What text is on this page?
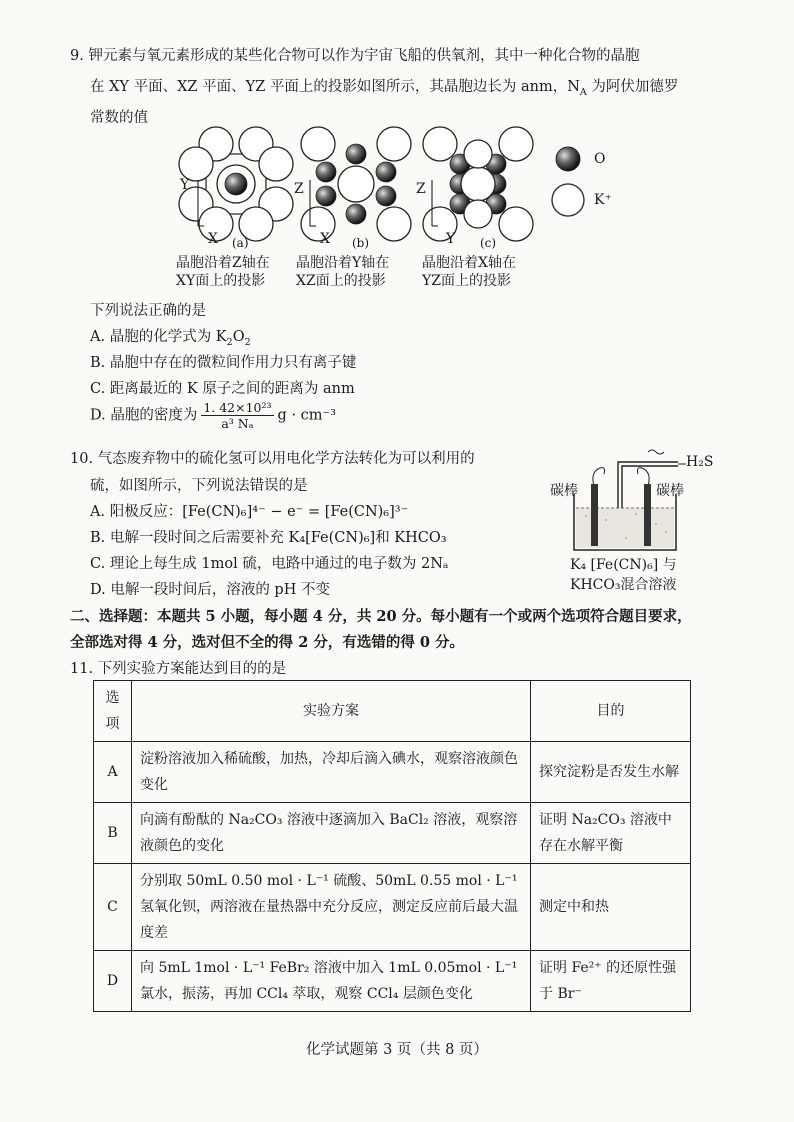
9. 钾元素与氧元素形成的某些化合物可以作为宇宙飞船的供氧剂，其中一种化合物的晶胞
在 XY 平面、XZ 平面、YZ 平面上的投影如图所示，其晶胞边长为 anm，$N_A$ 为阿伏加德罗
常数的值
Y
X (a)
Z
X (b)
Z
Y (c)
晶胞沿着Z轴在
XY面上的投影
晶胞沿着Y轴在
XZ面上的投影
晶胞沿着X轴在
YZ面上的投影
O
K⁺
下列说法正确的是
A. 晶胞的化学式为 $K_2O_2$
B. 晶胞中存在的微粒间作用力只有离子键
C. 距离最近的 K 原子之间的距离为 anm
D. 晶胞的密度为 $\frac{\text{1. 42×10²³}}{\text{a³ Nₐ}}$ g · cm⁻³
10. 气态废弃物中的硫化氢可以用电化学方法转化为可以利用的
硫，如图所示，下列说法错误的是
A. 阳极反应：[Fe(CN)₆]⁴⁻ − e⁻ = [Fe(CN)₆]³⁻
B. 电解一段时间之后需要补充 K₄[Fe(CN)₆]和 KHCO₃
C. 理论上每生成 1mol 硫，电路中通过的电子数为 2Nₐ
D. 电解一段时间后，溶液的 pH 不变
碳棒	碳棒
H₂S
K₄ [Fe(CN)₆] 与
KHCO₃混合溶液
二、选择题：本题共 5 小题，每小题 4 分，共 20 分。每小题有一个或两个选项符合题目要求，
全部选对得 4 分，选对但不全的得 2 分，有选错的得 0 分。
11. 下列实验方案能达到目的的是
选项	实验方案	目的
A	淀粉溶液加入稀硫酸，加热，冷却后滴入碘水，观察溶液颜色变化	探究淀粉是否发生水解
B	向滴有酚酞的 Na₂CO₃ 溶液中逐滴加入 BaCl₂ 溶液，观察溶液颜色的变化	证明 Na₂CO₃ 溶液中存在水解平衡
C	分别取 50mL 0.50 mol · L⁻¹ 硫酸、50mL 0.55 mol · L⁻¹ 氢氧化钡，两溶液在量热器中充分反应，测定反应前后最大温度差	测定中和热
D	向 5mL 1mol · L⁻¹ FeBr₂ 溶液中加入 1mL 0.05mol · L⁻¹ 氯水，振荡，再加 CCl₄ 萃取，观察 CCl₄ 层颜色变化	证明 Fe²⁺ 的还原性强于 Br⁻
化学试题第 3 页（共 8 页）
